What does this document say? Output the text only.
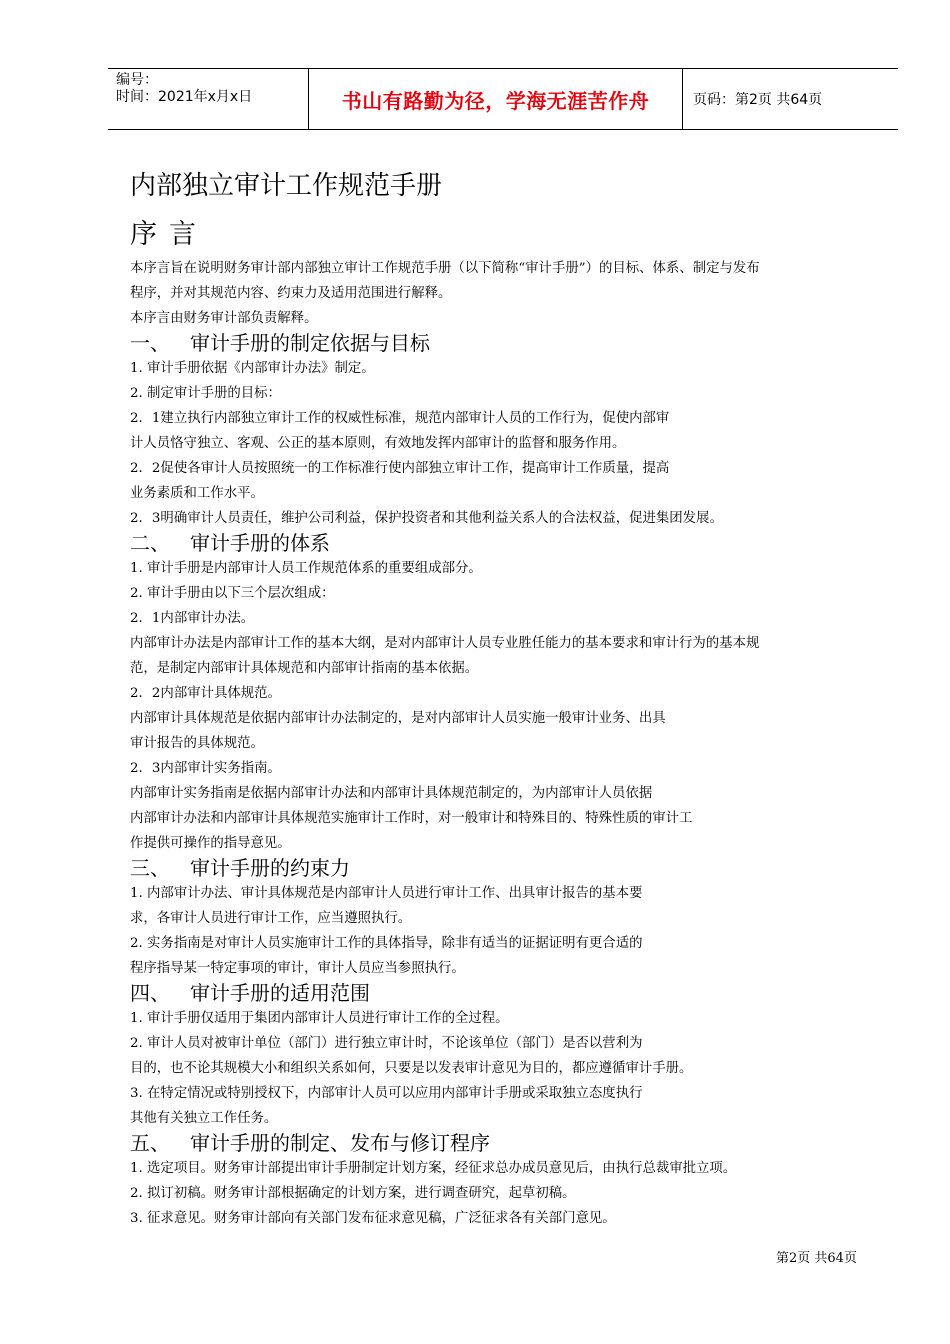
编号：
时间：2021年x月x日	书山有路勤为径，学海无涯苦作舟	页码：第2页 共64页
内部独立审计工作规范手册
序言
本序言旨在说明财务审计部内部独立审计工作规范手册（以下简称“审计手册”）的目标、体系、制定与发布
程序，并对其规范内容、约束力及适用范围进行解释。
本序言由财务审计部负责解释。
一、 审计手册的制定依据与目标
1. 审计手册依据《内部审计办法》制定。
2. 制定审计手册的目标：
2．1建立执行内部独立审计工作的权威性标准，规范内部审计人员的工作行为，促使内部审
计人员恪守独立、客观、公正的基本原则，有效地发挥内部审计的监督和服务作用。
2．2促使各审计人员按照统一的工作标准行使内部独立审计工作，提高审计工作质量，提高
业务素质和工作水平。
2．3明确审计人员责任，维护公司利益，保护投资者和其他利益关系人的合法权益，促进集团发展。
二、 审计手册的体系
1. 审计手册是内部审计人员工作规范体系的重要组成部分。
2. 审计手册由以下三个层次组成：
2．1内部审计办法。
内部审计办法是内部审计工作的基本大纲，是对内部审计人员专业胜任能力的基本要求和审计行为的基本规
范，是制定内部审计具体规范和内部审计指南的基本依据。
2．2内部审计具体规范。
内部审计具体规范是依据内部审计办法制定的，是对内部审计人员实施一般审计业务、出具
审计报告的具体规范。
2．3内部审计实务指南。
内部审计实务指南是依据内部审计办法和内部审计具体规范制定的，为内部审计人员依据
内部审计办法和内部审计具体规范实施审计工作时，对一般审计和特殊目的、特殊性质的审计工
作提供可操作的指导意见。
三、 审计手册的约束力
1. 内部审计办法、审计具体规范是内部审计人员进行审计工作、出具审计报告的基本要
求，各审计人员进行审计工作，应当遵照执行。
2. 实务指南是对审计人员实施审计工作的具体指导，除非有适当的证据证明有更合适的
程序指导某一特定事项的审计，审计人员应当参照执行。
四、 审计手册的适用范围
1. 审计手册仅适用于集团内部审计人员进行审计工作的全过程。
2. 审计人员对被审计单位（部门）进行独立审计时，不论该单位（部门）是否以营利为
目的，也不论其规模大小和组织关系如何，只要是以发表审计意见为目的，都应遵循审计手册。
3. 在特定情况或特别授权下，内部审计人员可以应用内部审计手册或采取独立态度执行
其他有关独立工作任务。
五、 审计手册的制定、发布与修订程序
1. 选定项目。财务审计部提出审计手册制定计划方案，经征求总办成员意见后，由执行总裁审批立项。
2. 拟订初稿。财务审计部根据确定的计划方案，进行调查研究，起草初稿。
3. 征求意见。财务审计部向有关部门发布征求意见稿，广泛征求各有关部门意见。
第2页 共64页
